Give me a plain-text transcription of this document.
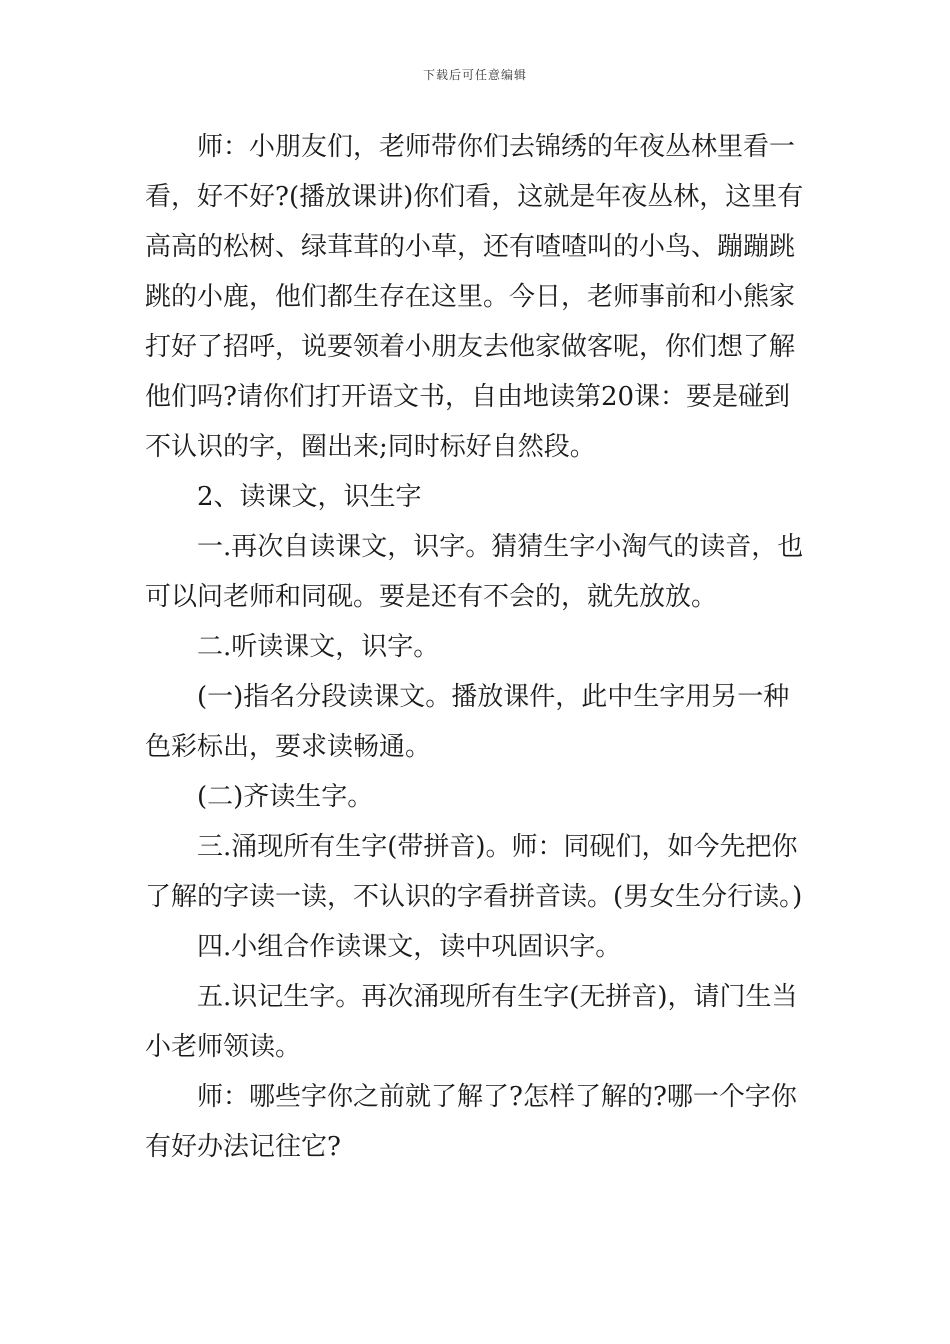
下载后可任意编辑

师：小朋友们，老师带你们去锦绣的年夜丛林里看一看，好不好?(播放课讲)你们看，这就是年夜丛林，这里有高高的松树、绿茸茸的小草，还有喳喳叫的小鸟、蹦蹦跳跳的小鹿，他们都生存在这里。今日，老师事前和小熊家打好了招呼，说要领着小朋友去他家做客呢，你们想了解他们吗?请你们打开语文书，自由地读第20课：要是碰到不认识的字，圈出来;同时标好自然段。

2、读课文，识生字

一.再次自读课文，识字。猜猜生字小淘气的读音，也可以问老师和同砚。要是还有不会的，就先放放。

二.听读课文，识字。

(一)指名分段读课文。播放课件，此中生字用另一种色彩标出，要求读畅通。

(二)齐读生字。

三.涌现所有生字(带拼音)。师：同砚们，如今先把你了解的字读一读，不认识的字看拼音读。(男女生分行读。)

四.小组合作读课文，读中巩固识字。

五.识记生字。再次涌现所有生字(无拼音)，请门生当小老师领读。

师：哪些字你之前就了解了?怎样了解的?哪一个字你有好办法记往它?
